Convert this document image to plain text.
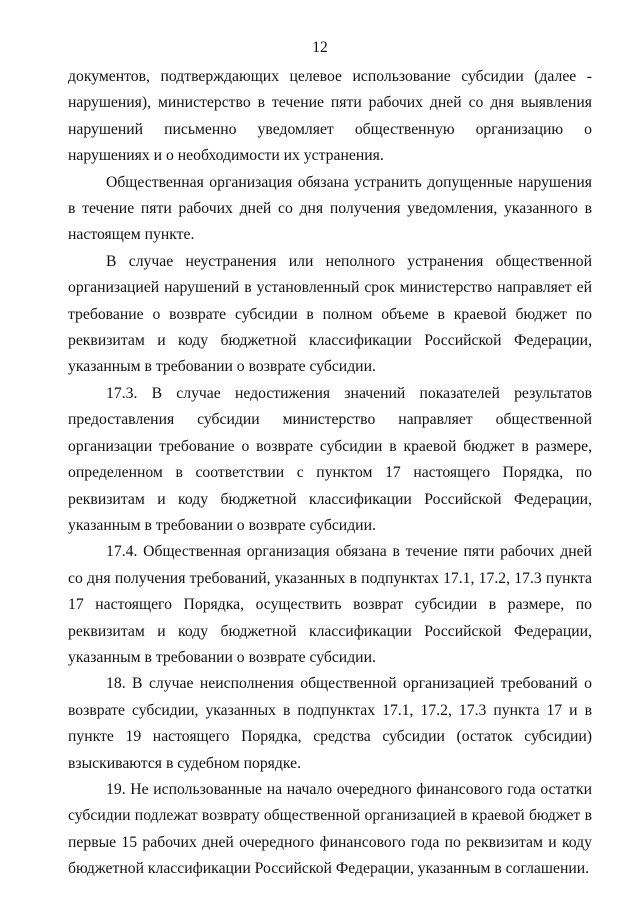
12

документов, подтверждающих целевое использование субсидии (далее - нарушения), министерство в течение пяти рабочих дней со дня выявления нарушений письменно уведомляет общественную организацию о нарушениях и о необходимости их устранения.

Общественная организация обязана устранить допущенные нарушения в течение пяти рабочих дней со дня получения уведомления, указанного в настоящем пункте.

В случае неустранения или неполного устранения общественной организацией нарушений в установленный срок министерство направляет ей требование о возврате субсидии в полном объеме в краевой бюджет по реквизитам и коду бюджетной классификации Российской Федерации, указанным в требовании о возврате субсидии.

17.3. В случае недостижения значений показателей результатов предоставления субсидии министерство направляет общественной организации требование о возврате субсидии в краевой бюджет в размере, определенном в соответствии с пунктом 17 настоящего Порядка, по реквизитам и коду бюджетной классификации Российской Федерации, указанным в требовании о возврате субсидии.

17.4. Общественная организация обязана в течение пяти рабочих дней со дня получения требований, указанных в подпунктах 17.1, 17.2, 17.3 пункта 17 настоящего Порядка, осуществить возврат субсидии в размере, по реквизитам и коду бюджетной классификации Российской Федерации, указанным в требовании о возврате субсидии.

18. В случае неисполнения общественной организацией требований о возврате субсидии, указанных в подпунктах 17.1, 17.2, 17.3 пункта 17 и в пункте 19 настоящего Порядка, средства субсидии (остаток субсидии) взыскиваются в судебном порядке.

19. Не использованные на начало очередного финансового года остатки субсидии подлежат возврату общественной организацией в краевой бюджет в первые 15 рабочих дней очередного финансового года по реквизитам и коду бюджетной классификации Российской Федерации, указанным в соглашении.
